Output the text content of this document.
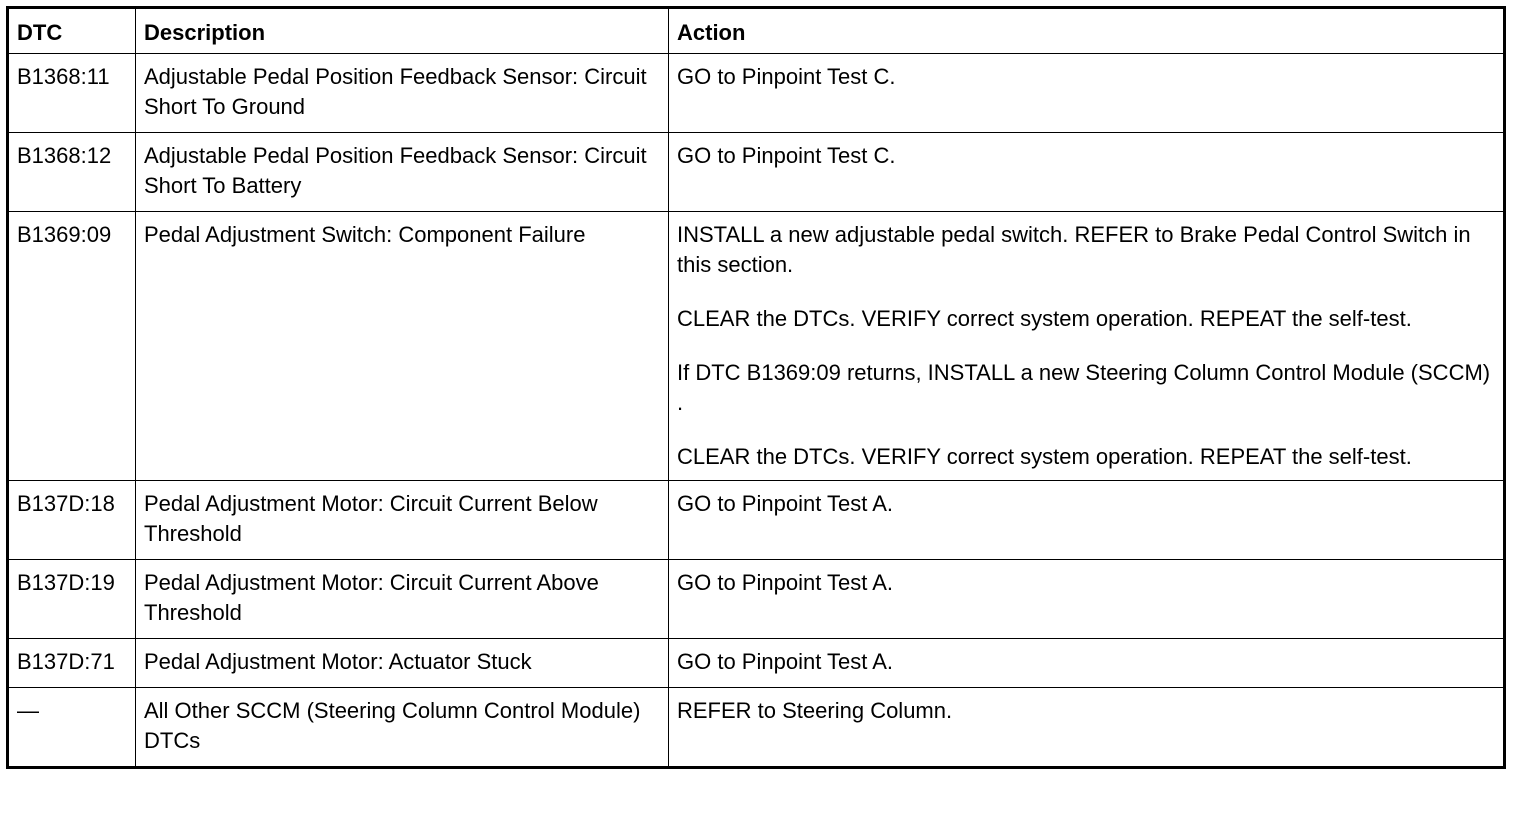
DTC	Description	Action
B1368:11	Adjustable Pedal Position Feedback Sensor: Circuit Short To Ground	GO to Pinpoint Test C.

B1368:12	Adjustable Pedal Position Feedback Sensor: Circuit Short To Battery	GO to Pinpoint Test C.

B1369:09	Pedal Adjustment Switch: Component Failure	INSTALL a new adjustable pedal switch. REFER to Brake Pedal Control Switch in this section.
CLEAR the DTCs. VERIFY correct system operation. REPEAT the self-test.
If DTC B1369:09 returns, INSTALL a new Steering Column Control Module (SCCM) .
CLEAR the DTCs. VERIFY correct system operation. REPEAT the self-test.

B137D:18	Pedal Adjustment Motor: Circuit Current Below Threshold	GO to Pinpoint Test A.

B137D:19	Pedal Adjustment Motor: Circuit Current Above Threshold	GO to Pinpoint Test A.

B137D:71	Pedal Adjustment Motor: Actuator Stuck	GO to Pinpoint Test A.

—	All Other SCCM (Steering Column Control Module) DTCs	REFER to Steering Column.
